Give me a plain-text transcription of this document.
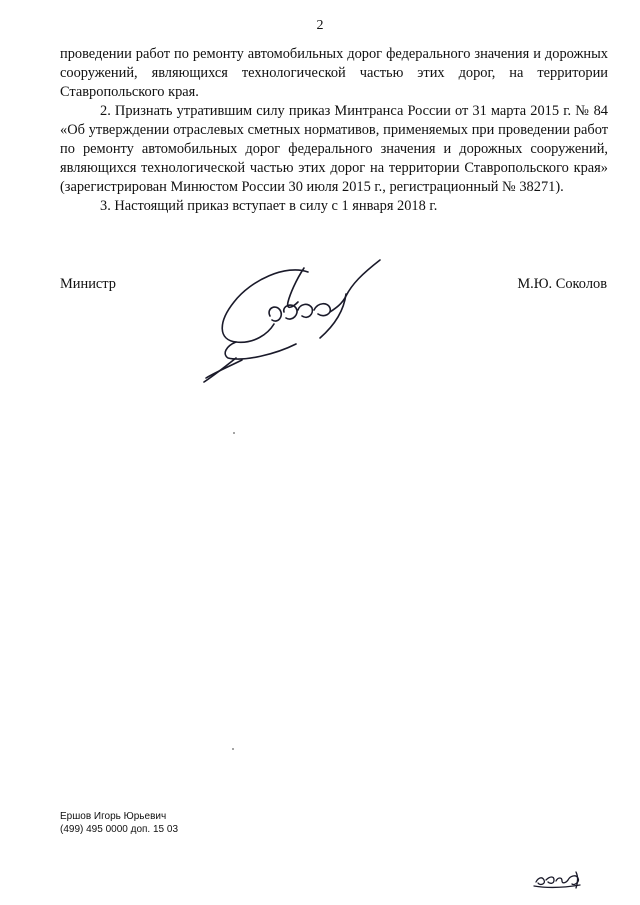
2

проведении работ по ремонту автомобильных дорог федерального значения и дорожных сооружений, являющихся технологической частью этих дорог, на территории Ставропольского края.

2. Признать утратившим силу приказ Минтранса России от 31 марта 2015 г. № 84 «Об утверждении отраслевых сметных нормативов, применяемых при проведении работ по ремонту автомобильных дорог федерального значения и дорожных сооружений, являющихся технологической частью этих дорог на территории Ставропольского края» (зарегистрирован Минюстом России 30 июля 2015 г., регистрационный № 38271).

3. Настоящий приказ вступает в силу с 1 января 2018 г.

Министр	М.Ю. Соколов
Ершов Игорь Юрьевич
(499) 495 0000 доп. 15 03
